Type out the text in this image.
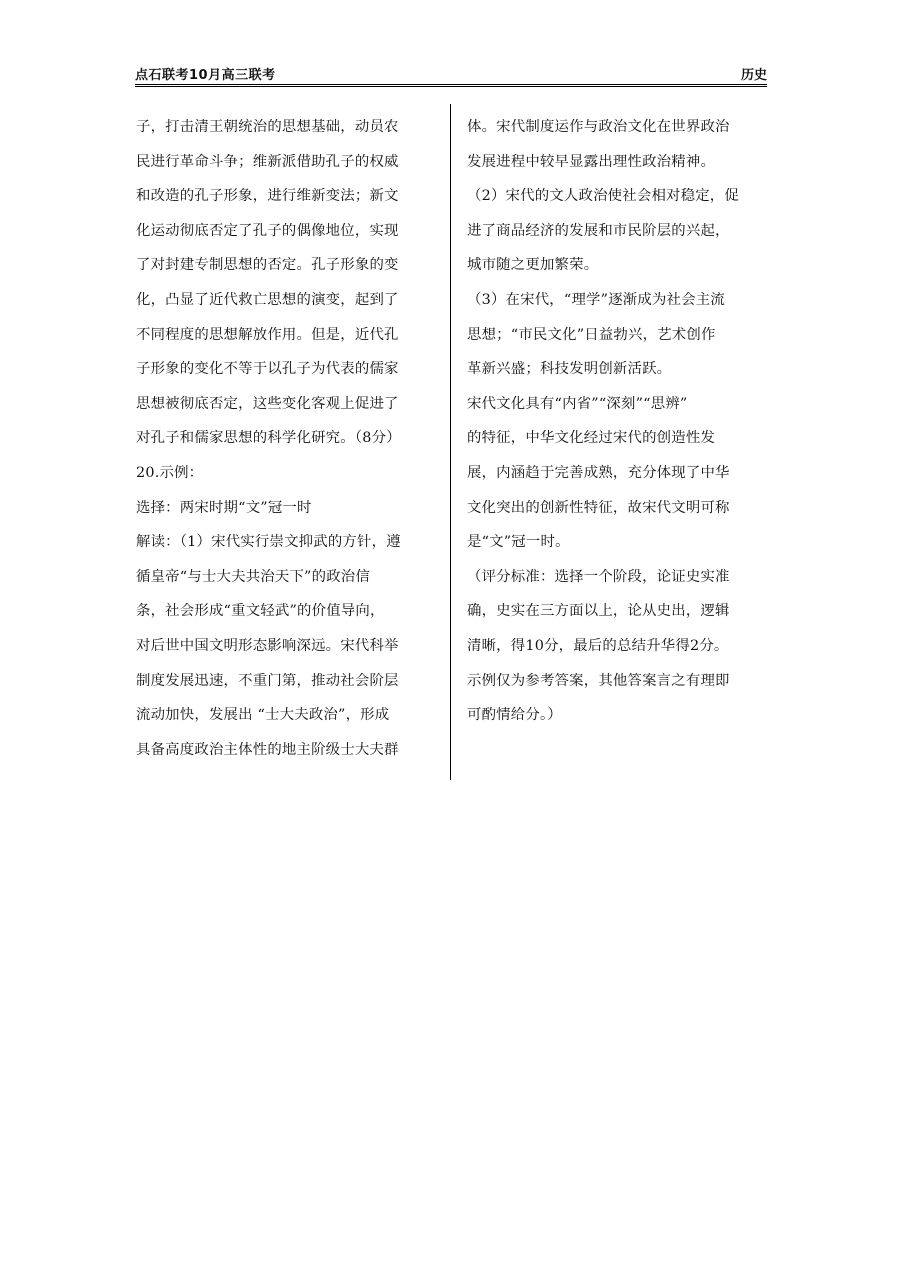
点石联考10月高三联考	历史
子，打击清王朝统治的思想基础，动员农
民进行革命斗争；维新派借助孔子的权威
和改造的孔子形象，进行维新变法；新文
化运动彻底否定了孔子的偶像地位，实现
了对封建专制思想的否定。孔子形象的变
化，凸显了近代救亡思想的演变，起到了
不同程度的思想解放作用。但是，近代孔
子形象的变化不等于以孔子为代表的儒家
思想被彻底否定，这些变化客观上促进了
对孔子和儒家思想的科学化研究。（8分）
20.示例：
选择：两宋时期“文”冠一时
解读：（1）宋代实行崇文抑武的方针，遵
循皇帝“与士大夫共治天下”的政治信
条，社会形成“重文轻武”的价值导向，
对后世中国文明形态影响深远。宋代科举
制度发展迅速，不重门第，推动社会阶层
流动加快，发展出 “士大夫政治”，形成
具备高度政治主体性的地主阶级士大夫群
体。宋代制度运作与政治文化在世界政治
发展进程中较早显露出理性政治精神。
（2）宋代的文人政治使社会相对稳定，促
进了商品经济的发展和市民阶层的兴起，
城市随之更加繁荣。
（3）在宋代，“理学”逐渐成为社会主流
思想；“市民文化”日益勃兴，艺术创作
革新兴盛；科技发明创新活跃。
宋代文化具有“内省”“深刻”“思辨”
的特征，中华文化经过宋代的创造性发
展，内涵趋于完善成熟，充分体现了中华
文化突出的创新性特征，故宋代文明可称
是“文”冠一时。
（评分标准：选择一个阶段，论证史实准
确，史实在三方面以上，论从史出，逻辑
清晰，得10分，最后的总结升华得2分。
示例仅为参考答案，其他答案言之有理即
可酌情给分。）
